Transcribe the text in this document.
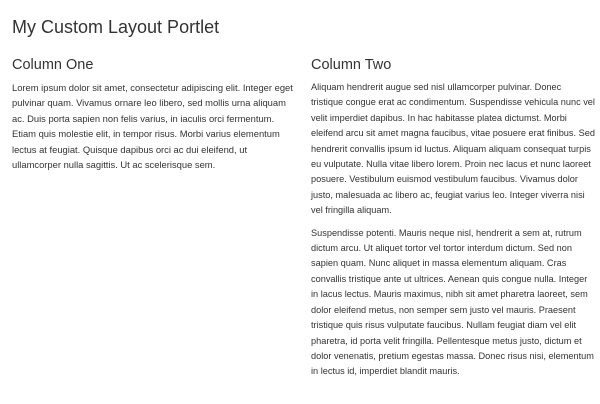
My Custom Layout Portlet
Column One

Lorem ipsum dolor sit amet, consectetur adipiscing elit. Integer eget pulvinar quam. Vivamus ornare leo libero, sed mollis urna aliquam ac. Duis porta sapien non felis varius, in iaculis orci fermentum. Etiam quis molestie elit, in tempor risus. Morbi varius elementum lectus at feugiat. Quisque dapibus orci ac dui eleifend, ut ullamcorper nulla sagittis. Ut ac scelerisque sem.

Column Two

Aliquam hendrerit augue sed nisl ullamcorper pulvinar. Donec tristique congue erat ac condimentum. Suspendisse vehicula nunc vel velit imperdiet dapibus. In hac habitasse platea dictumst. Morbi eleifend arcu sit amet magna faucibus, vitae posuere erat finibus. Sed hendrerit convallis ipsum id luctus. Aliquam aliquam consequat turpis eu vulputate. Nulla vitae libero lorem. Proin nec lacus et nunc laoreet posuere. Vestibulum euismod vestibulum faucibus. Vivamus dolor justo, malesuada ac libero ac, feugiat varius leo. Integer viverra nisi vel fringilla aliquam.

Suspendisse potenti. Mauris neque nisl, hendrerit a sem at, rutrum dictum arcu. Ut aliquet tortor vel tortor interdum dictum. Sed non sapien quam. Nunc aliquet in massa elementum aliquam. Cras convallis tristique ante ut ultrices. Aenean quis congue nulla. Integer in lacus lectus. Mauris maximus, nibh sit amet pharetra laoreet, sem dolor eleifend metus, non semper sem justo vel mauris. Praesent tristique quis risus vulputate faucibus. Nullam feugiat diam vel elit pharetra, id porta velit fringilla. Pellentesque metus justo, dictum et dolor venenatis, pretium egestas massa. Donec risus nisi, elementum in lectus id, imperdiet blandit mauris.
